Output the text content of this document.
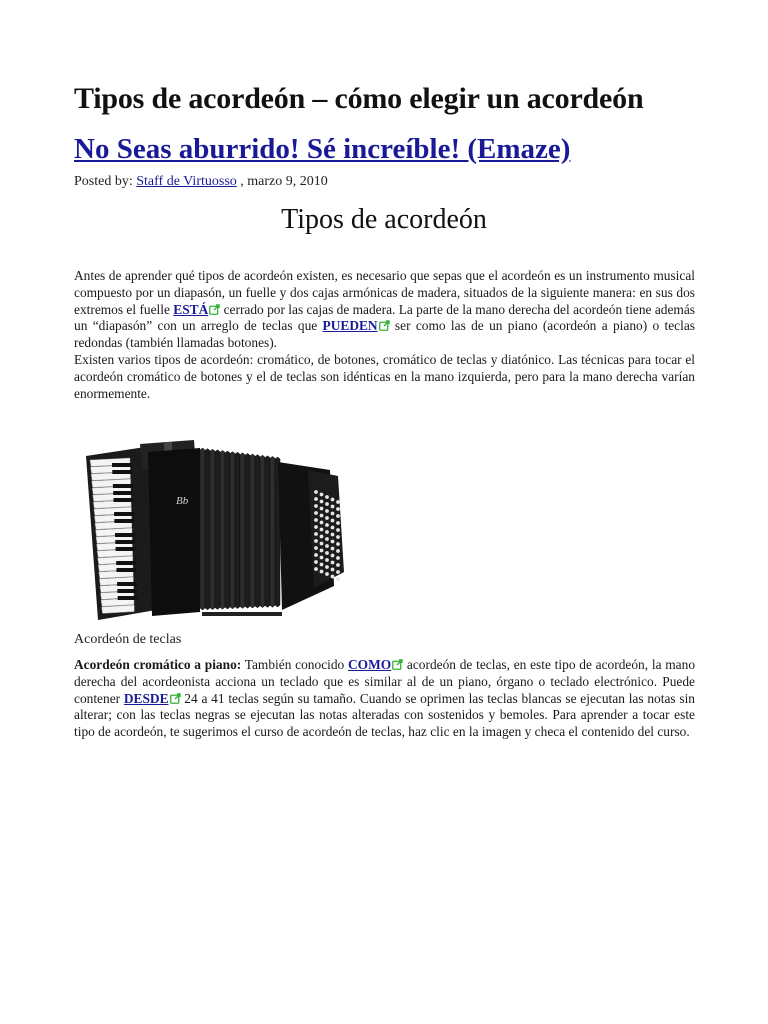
Tipos de acordeón – cómo elegir un acordeón
No Seas aburrido! Sé increíble! (Emaze)
Posted by: Staff de Virtuosso , marzo 9, 2010
Tipos de acordeón

Antes de aprender qué tipos de acordeón existen, es necesario que sepas que el acordeón es un instrumento musical compuesto por un diapasón, un fuelle y dos cajas armónicas de madera, situados de la siguiente manera: en sus dos extremos el fuelle ESTÁ cerrado por las cajas de madera. La parte de la mano derecha del acordeón tiene además un “diapasón” con un arreglo de teclas que PUEDEN ser como las de un piano (acordeón a piano) o teclas redondas (también llamadas botones).

Existen varios tipos de acordeón: cromático, de botones, cromático de teclas y diatónico. Las técnicas para tocar el acordeón cromático de botones y el de teclas son idénticas en la mano izquierda, pero para la mano derecha varían enormemente.

Bb
Acordeón de teclas

Acordeón cromático a piano: También conocido COMO acordeón de teclas, en este tipo de acordeón, la mano derecha del acordeonista acciona un teclado que es similar al de un piano, órgano o teclado electrónico. Puede contener DESDE 24 a 41 teclas según su tamaño. Cuando se oprimen las teclas blancas se ejecutan las notas sin alterar; con las teclas negras se ejecutan las notas alteradas con sostenidos y bemoles. Para aprender a tocar este tipo de acordeón, te sugerimos el curso de acordeón de teclas, haz clic en la imagen y checa el contenido del curso.
